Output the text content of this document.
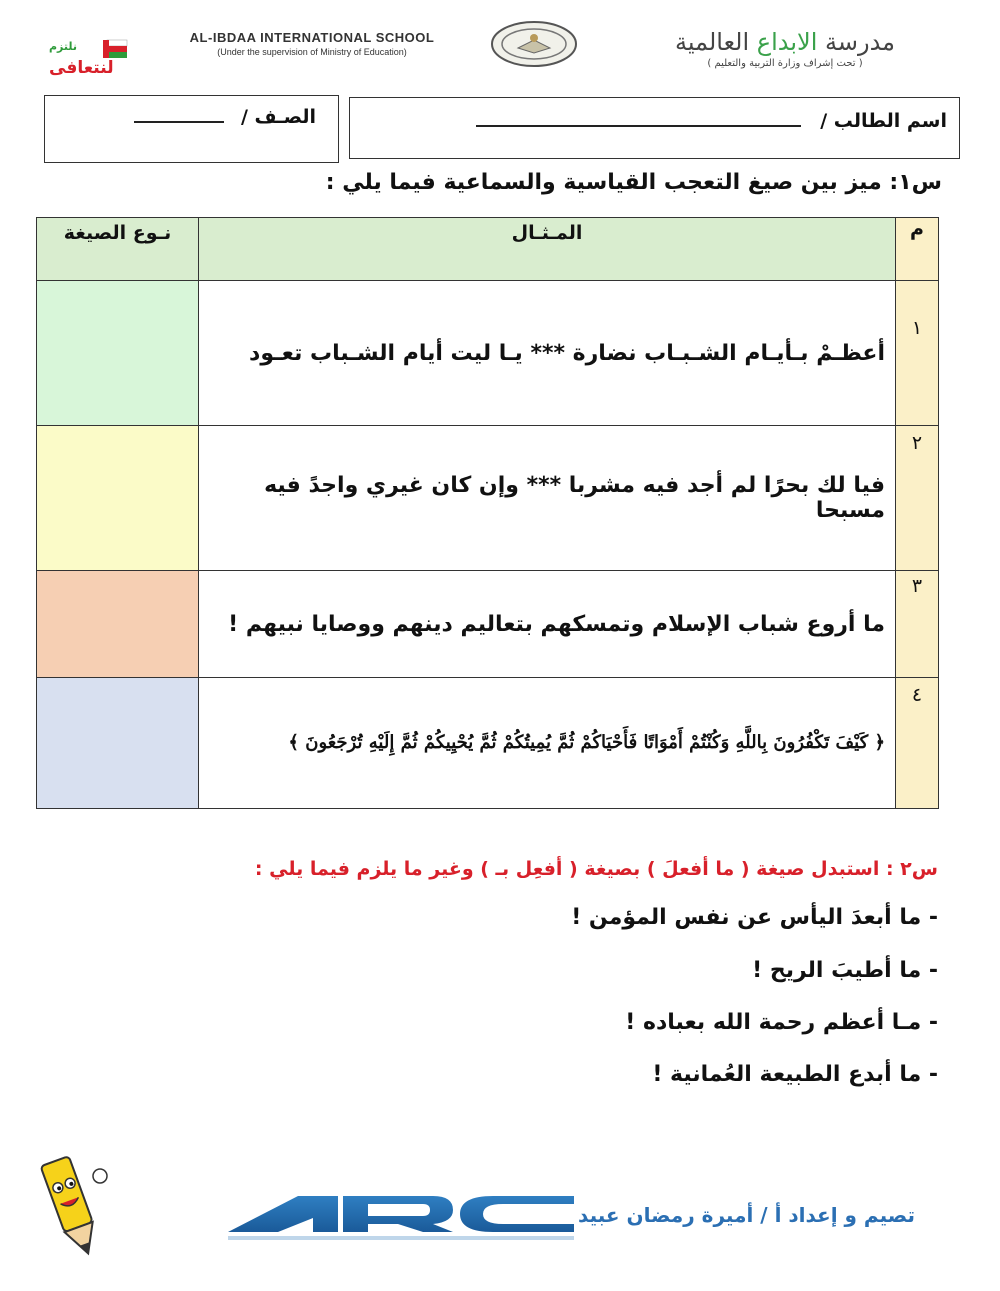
نلتزم
لنتعافى
AL-IBDAA INTERNATIONAL SCHOOL
(Under the supervision of Ministry of Education)	مدرسة الابداع العالمية
( تحت إشراف وزارة التربية والتعليم )
الصـف /	اسم الطالب /
س١: ميز بين صيغ التعجب القياسية والسماعية فيما يلي :
م	المـثـال	نـوع الصيغة
١	أعظـمْ بـأيـام الشـبـاب نضارة *** يـا ليت أيام الشـباب تعـود	

٢	فيا لك بحرًا لم أجد فيه مشربا *** وإن كان غيري واجدً فيه مسبحا	

٣	ما أروع شباب الإسلام وتمسكهم بتعاليم دينهم ووصايا نبيهم !	

٤	﴿ كَيْفَ تَكْفُرُونَ بِاللَّهِ وَكُنْتُمْ أَمْوَاتًا فَأَحْيَاكُمْ ثُمَّ يُمِيتُكُمْ ثُمَّ يُحْيِيكُمْ ثُمَّ إِلَيْهِ تُرْجَعُونَ ﴾	
س٢ : استبدل صيغة ( ما أفعلَ ) بصيغة ( أفعِل بـ ) وغير ما يلزم فيما يلي :
- ما أبعدَ اليأس عن نفس المؤمن !
- ما أطيبَ الريح !
- مـا أعظم رحمة الله بعباده !
- ما أبدع الطبيعة العُمانية !
تصيم و إعداد أ / أميرة رمضان عبيد
